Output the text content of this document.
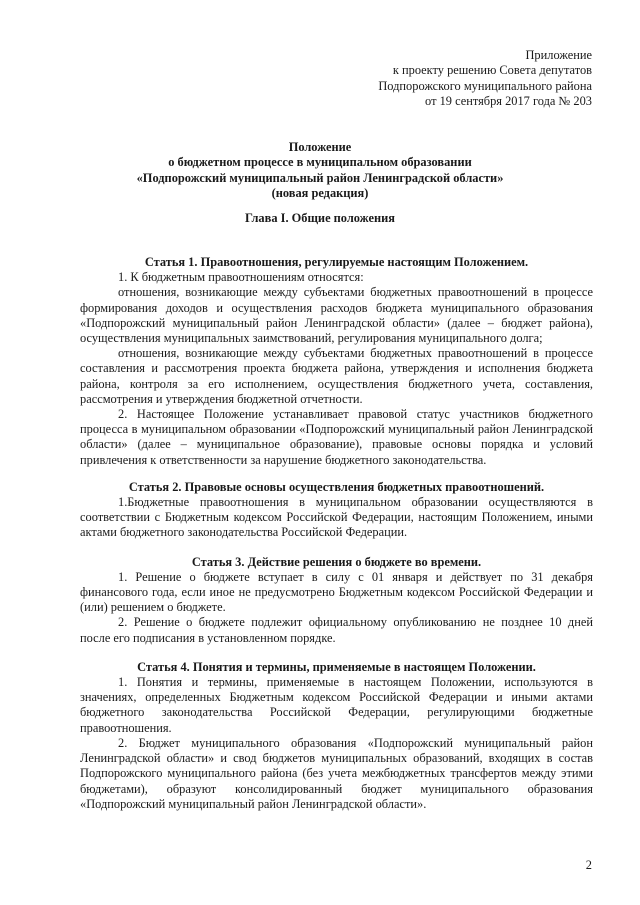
Приложение
к проекту решению Совета депутатов
Подпорожского муниципального района
от 19 сентября 2017 года № 203
Положение
о бюджетном процессе в муниципальном образовании
«Подпорожский муниципальный район Ленинградской области»
(новая редакция)
Глава I. Общие положения

Статья 1. Правоотношения, регулируемые настоящим Положением.

1. К бюджетным правоотношениям относятся:

отношения, возникающие между субъектами бюджетных правоотношений в процессе формирования доходов и осуществления расходов бюджета муниципального образования «Подпорожский муниципальный район Ленинградской области» (далее – бюджет района), осуществления муниципальных заимствований, регулирования муниципального долга;

отношения, возникающие между субъектами бюджетных правоотношений в процессе составления и рассмотрения проекта бюджета района, утверждения и исполнения бюджета района, контроля за его исполнением, осуществления бюджетного учета, составления, рассмотрения и утверждения бюджетной отчетности.

2. Настоящее Положение устанавливает правовой статус участников бюджетного процесса в муниципальном образовании «Подпорожский муниципальный район Ленинградской области» (далее – муниципальное образование), правовые основы порядка и условий привлечения к ответственности за нарушение бюджетного законодательства.

Статья 2. Правовые основы осуществления бюджетных правоотношений.

1.Бюджетные правоотношения в муниципальном образовании осуществляются в соответствии с Бюджетным кодексом Российской Федерации, настоящим Положением, иными актами бюджетного законодательства Российской Федерации.

Статья 3. Действие решения о бюджете во времени.

1. Решение о бюджете вступает в силу с 01 января и действует по 31 декабря финансового года, если иное не предусмотрено Бюджетным кодексом Российской Федерации и (или) решением о бюджете.

2. Решение о бюджете подлежит официальному опубликованию не позднее 10 дней после его подписания в установленном порядке.

Статья 4. Понятия и термины, применяемые в настоящем Положении.

1. Понятия и термины, применяемые в настоящем Положении, используются в значениях, определенных Бюджетным кодексом Российской Федерации и иными актами бюджетного законодательства Российской Федерации, регулирующими бюджетные правоотношения.

2. Бюджет муниципального образования «Подпорожский муниципальный район Ленинградской области» и свод бюджетов муниципальных образований, входящих в состав Подпорожского муниципального района (без учета межбюджетных трансфертов между этими бюджетами), образуют консолидированный бюджет муниципального образования «Подпорожский муниципальный район Ленинградской области».

2
